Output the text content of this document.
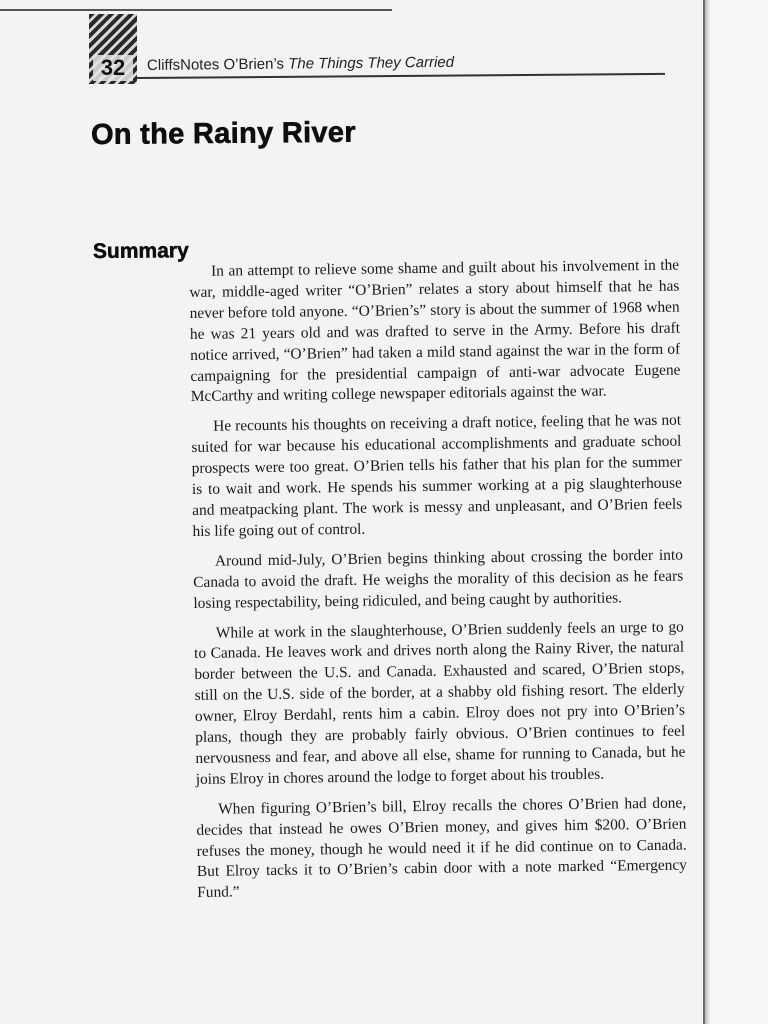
32	CliffsNotes O’Brien’s The Things They Carried
On the Rainy River
Summary

In an attempt to relieve some shame and guilt about his involvement in the war, middle-aged writer “O’Brien” relates a story about himself that he has never before told anyone. “O’Brien’s” story is about the summer of 1968 when he was 21 years old and was drafted to serve in the Army. Before his draft notice arrived, “O’Brien” had taken a mild stand against the war in the form of campaigning for the presidential campaign of anti-war advocate Eugene McCarthy and writing college newspaper editorials against the war.

He recounts his thoughts on receiving a draft notice, feeling that he was not suited for war because his educational accomplishments and graduate school prospects were too great. O’Brien tells his father that his plan for the summer is to wait and work. He spends his summer working at a pig slaughterhouse and meatpacking plant. The work is messy and unpleasant, and O’Brien feels his life going out of control.

Around mid-July, O’Brien begins thinking about crossing the border into Canada to avoid the draft. He weighs the morality of this decision as he fears losing respectability, being ridiculed, and being caught by authorities.

While at work in the slaughterhouse, O’Brien suddenly feels an urge to go to Canada. He leaves work and drives north along the Rainy River, the natural border between the U.S. and Canada. Exhausted and scared, O’Brien stops, still on the U.S. side of the border, at a shabby old fishing resort. The elderly owner, Elroy Berdahl, rents him a cabin. Elroy does not pry into O’Brien’s plans, though they are probably fairly obvious. O’Brien continues to feel nervousness and fear, and above all else, shame for running to Canada, but he joins Elroy in chores around the lodge to forget about his troubles.

When figuring O’Brien’s bill, Elroy recalls the chores O’Brien had done, decides that instead he owes O’Brien money, and gives him $200. O’Brien refuses the money, though he would need it if he did continue on to Canada. But Elroy tacks it to O’Brien’s cabin door with a note marked “Emergency Fund.”
